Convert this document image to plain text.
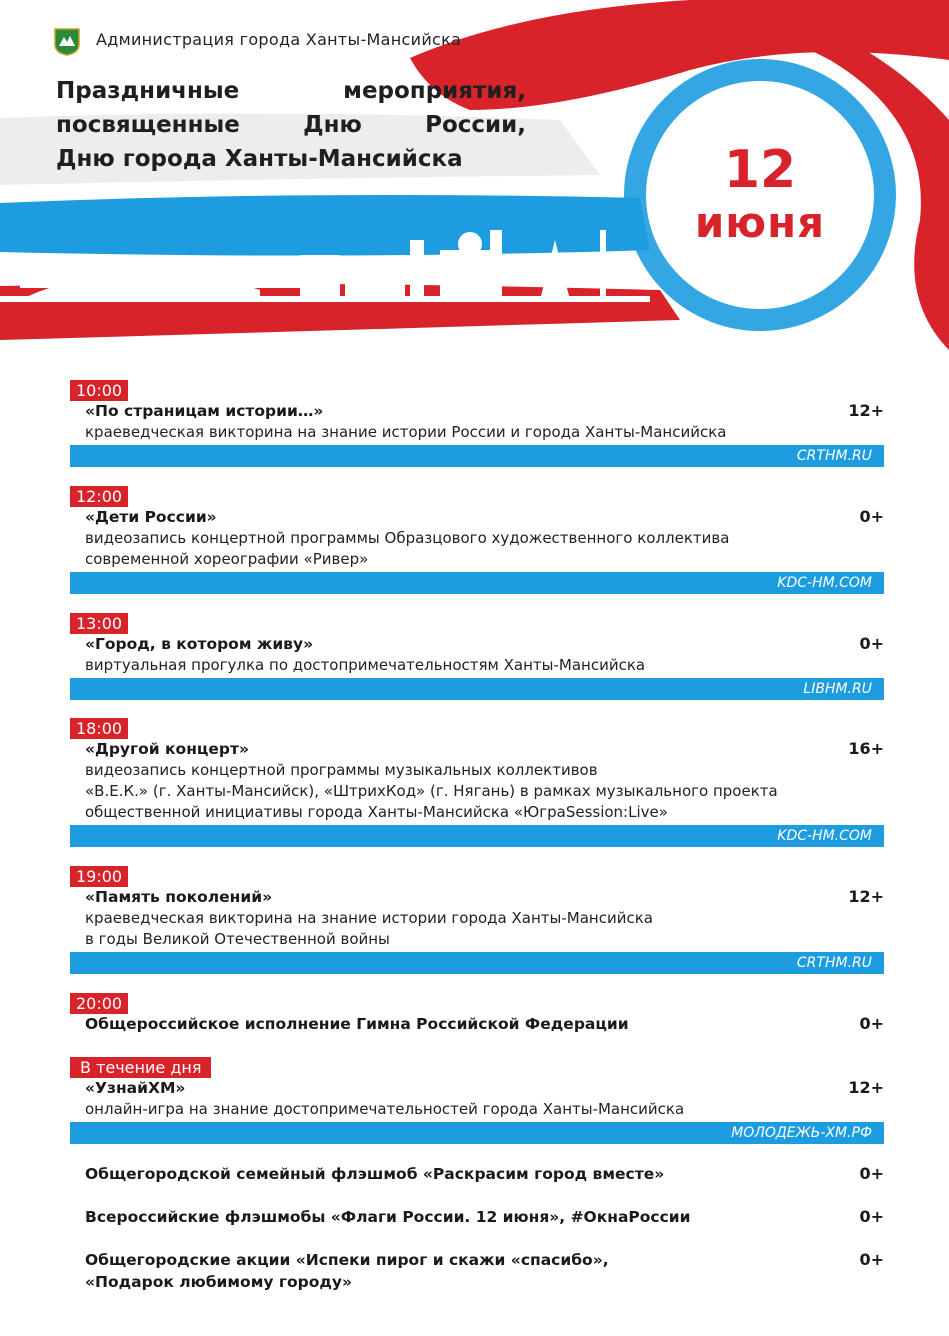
Администрация города Ханты-Мансийска
Праздничные мероприятия,
посвященные Дню России,
Дню города Ханты-Мансийска	12
июня
10:00
«По страницам истории…»	12+
краеведческая викторина на знание истории России и города Ханты-Мансийска
CRTHM.RU
12:00
«Дети России»	0+
видеозапись концертной программы Образцового художественного коллектива
современной хореографии «Ривер»
KDC-HM.COM
13:00
«Город, в котором живу»	0+
виртуальная прогулка по достопримечательностям Ханты-Мансийска
LIBHM.RU
18:00
«Другой концерт»	16+
видеозапись концертной программы музыкальных коллективов
«В.Е.К.» (г. Ханты-Мансийск), «ШтрихКод» (г. Нягань) в рамках музыкального проекта
общественной инициативы города Ханты-Мансийска «ЮграSession:Live»
KDC-HM.COM
19:00
«Память поколений»	12+
краеведческая викторина на знание истории города Ханты-Мансийска
в годы Великой Отечественной войны
CRTHM.RU
20:00
Общероссийское исполнение Гимна Российской Федерации	0+
В течение дня
«УзнайХМ»	12+
онлайн-игра на знание достопримечательностей города Ханты-Мансийска
МОЛОДЕЖЬ-ХМ.РФ
Общегородской семейный флэшмоб «Раскрасим город вместе»	0+
Всероссийские флэшмобы «Флаги России. 12 июня», #ОкнаРоссии	0+
Общегородские акции «Испеки пирог и скажи «спасибо»,
«Подарок любимому городу»
0+
